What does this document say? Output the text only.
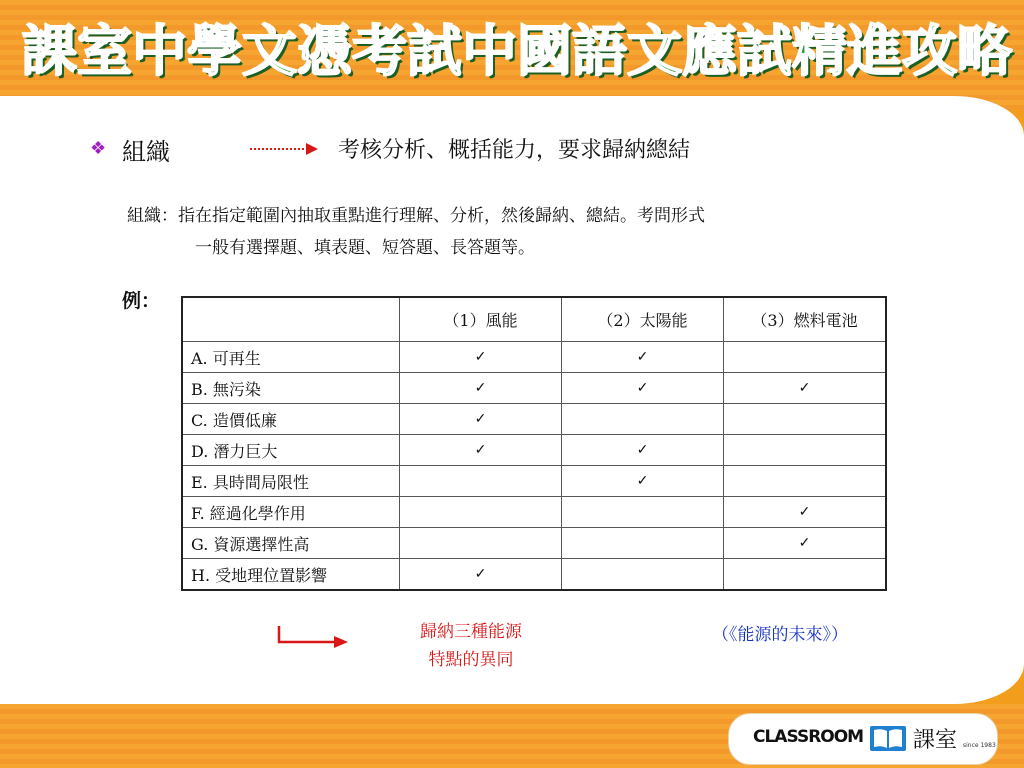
課室中學文憑考試中國語文應試精進攻略
❖ 組織	考核分析、概括能力，要求歸納總結
組織：指在指定範圍內抽取重點進行理解、分析，然後歸納、總結。考問形式
一般有選擇題、填表題、短答題、長答題等。
例：
	（1）風能	（2）太陽能	（3）燃料電池
A. 可再生	✓	✓	
B. 無污染	✓	✓	✓
C. 造價低廉	✓		
D. 潛力巨大	✓	✓	
E. 具時間局限性		✓	
F. 經過化學作用			✓
G. 資源選擇性高			✓
H. 受地理位置影響	✓		
歸納三種能源
特點的異同
（《能源的未來》）
CLASSROOM 課室 since 1983
